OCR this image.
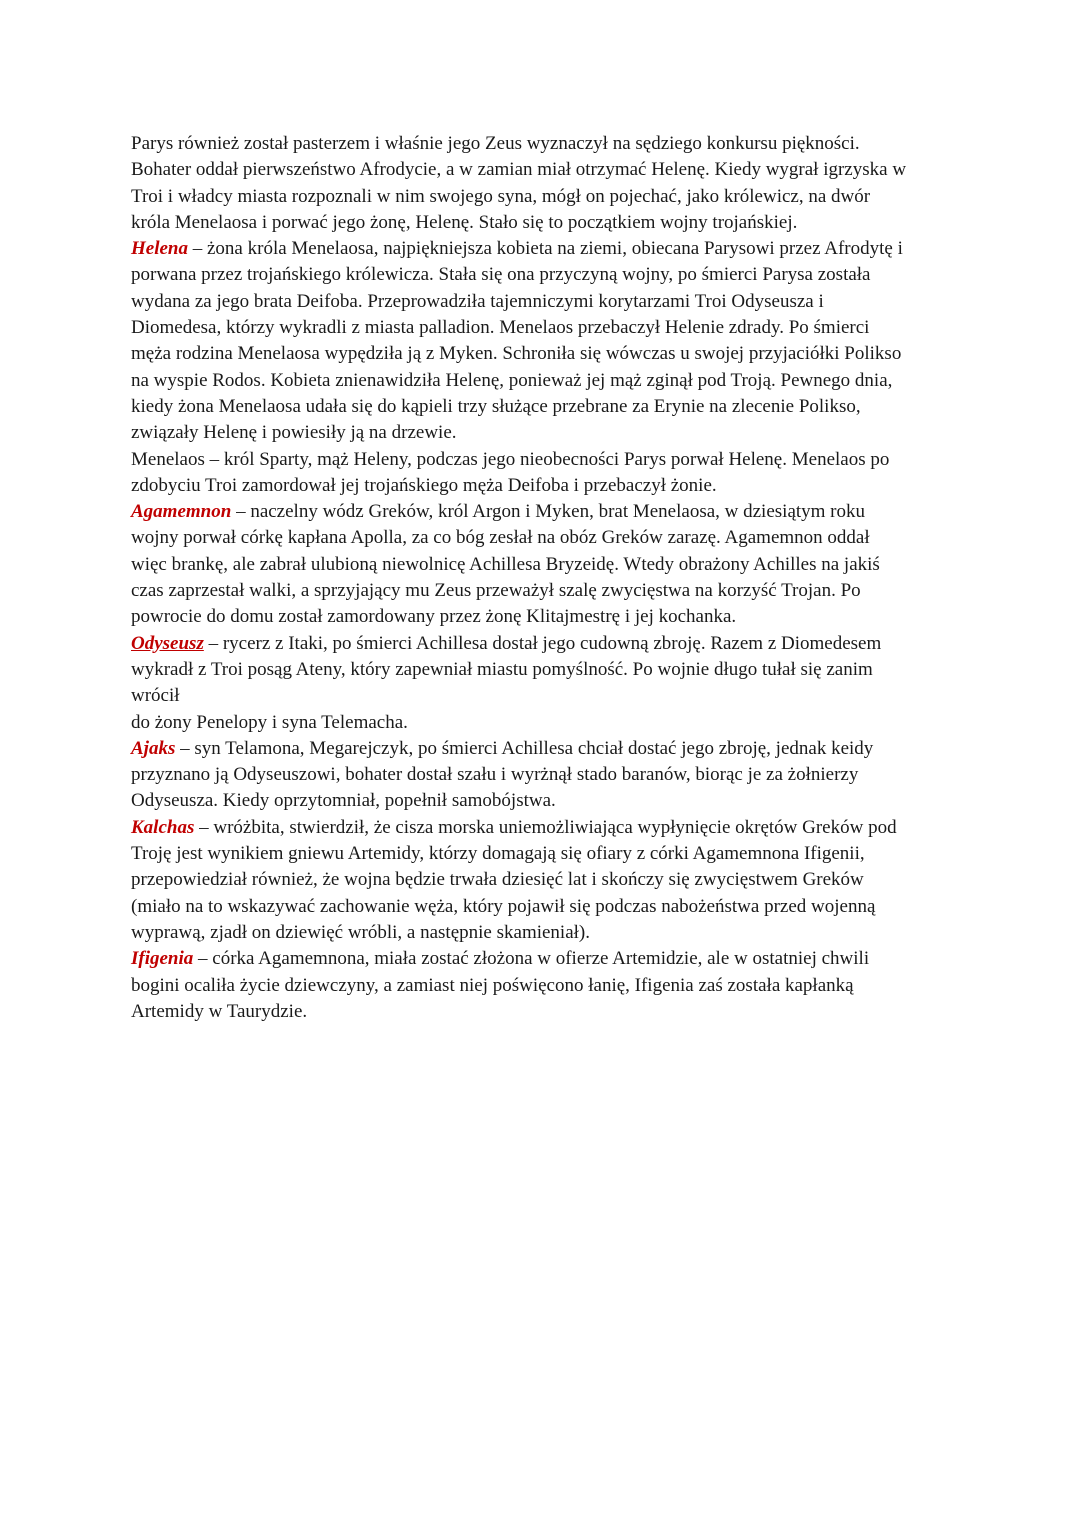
Parys również został pasterzem i właśnie jego Zeus wyznaczył na sędziego konkursu piękności.
Bohater oddał pierwszeństwo Afrodycie, a w zamian miał otrzymać Helenę. Kiedy wygrał igrzyska w
Troi i władcy miasta rozpoznali w nim swojego syna, mógł on pojechać, jako królewicz, na dwór
króla Menelaosa i porwać jego żonę, Helenę. Stało się to początkiem wojny trojańskiej.
Helena – żona króla Menelaosa, najpiękniejsza kobieta na ziemi, obiecana Parysowi przez Afrodytę i
porwana przez trojańskiego królewicza. Stała się ona przyczyną wojny, po śmierci Parysa została
wydana za jego brata Deifoba. Przeprowadziła tajemniczymi korytarzami Troi Odyseusza i
Diomedesa, którzy wykradli z miasta palladion. Menelaos przebaczył Helenie zdrady. Po śmierci
męża rodzina Menelaosa wypędziła ją z Myken. Schroniła się wówczas u swojej przyjaciółki Polikso
na wyspie Rodos. Kobieta znienawidziła Helenę, ponieważ jej mąż zginął pod Troją. Pewnego dnia,
kiedy żona Menelaosa udała się do kąpieli trzy służące przebrane za Erynie na zlecenie Polikso,
związały Helenę i powiesiły ją na drzewie.
Menelaos – król Sparty, mąż Heleny, podczas jego nieobecności Parys porwał Helenę. Menelaos po
zdobyciu Troi zamordował jej trojańskiego męża Deifoba i przebaczył żonie.
Agamemnon – naczelny wódz Greków, król Argon i Myken, brat Menelaosa, w dziesiątym roku
wojny porwał córkę kapłana Apolla, za co bóg zesłał na obóz Greków zarazę. Agamemnon oddał
więc brankę, ale zabrał ulubioną niewolnicę Achillesa Bryzeidę. Wtedy obrażony Achilles na jakiś
czas zaprzestał walki, a sprzyjający mu Zeus przeważył szalę zwycięstwa na korzyść Trojan. Po
powrocie do domu został zamordowany przez żonę Klitajmestrę i jej kochanka.
Odyseusz – rycerz z Itaki, po śmierci Achillesa dostał jego cudowną zbroję. Razem z Diomedesem
wykradł z Troi posąg Ateny, który zapewniał miastu pomyślność. Po wojnie długo tułał się zanim
wrócił
do żony Penelopy i syna Telemacha.
Ajaks – syn Telamona, Megarejczyk, po śmierci Achillesa chciał dostać jego zbroję, jednak keidy
przyznano ją Odyseuszowi, bohater dostał szału i wyrżnął stado baranów, biorąc je za żołnierzy
Odyseusza. Kiedy oprzytomniał, popełnił samobójstwa.
Kalchas – wróżbita, stwierdził, że cisza morska uniemożliwiająca wypłynięcie okrętów Greków pod
Troję jest wynikiem gniewu Artemidy, którzy domagają się ofiary z córki Agamemnona Ifigenii,
przepowiedział również, że wojna będzie trwała dziesięć lat i skończy się zwycięstwem Greków
(miało na to wskazywać zachowanie węża, który pojawił się podczas nabożeństwa przed wojenną
wyprawą, zjadł on dziewięć wróbli, a następnie skamieniał).
Ifigenia – córka Agamemnona, miała zostać złożona w ofierze Artemidzie, ale w ostatniej chwili
bogini ocaliła życie dziewczyny, a zamiast niej poświęcono łanię, Ifigenia zaś została kapłanką
Artemidy w Taurydzie.
